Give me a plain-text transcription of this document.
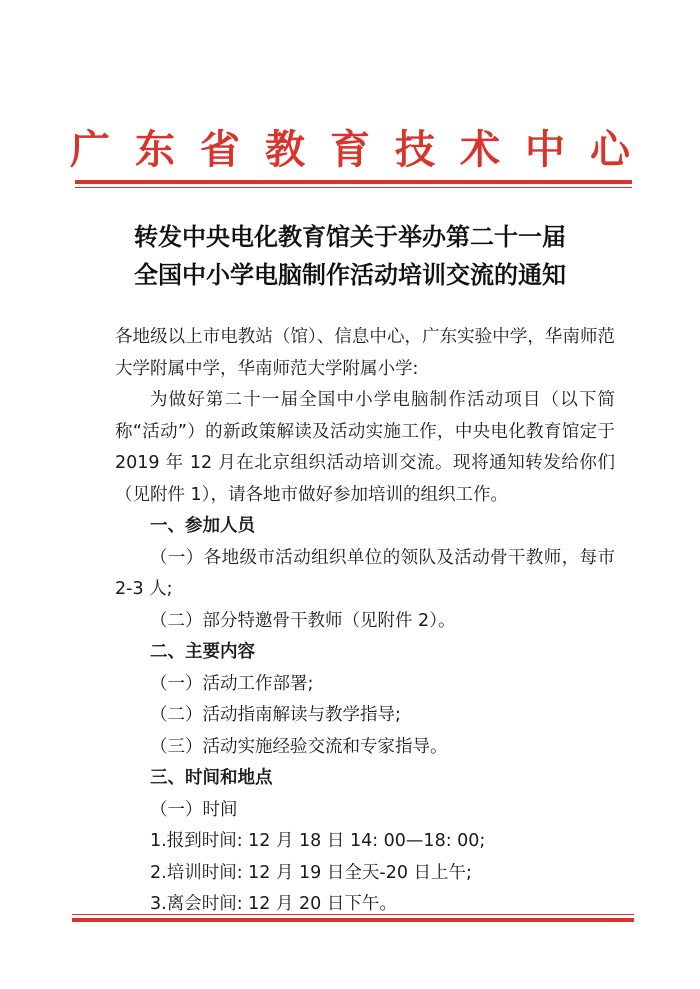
广 东 省 教 育 技 术 中 心
转发中央电化教育馆关于举办第二十一届
全国中小学电脑制作活动培训交流的通知

各地级以上市电教站（馆）、信息中心，广东实验中学，华南师范大学附属中学，华南师范大学附属小学:

为做好第二十一届全国中小学电脑制作活动项目（以下简称“活动”）的新政策解读及活动实施工作，中央电化教育馆定于 2019 年 12 月在北京组织活动培训交流。现将通知转发给你们（见附件 1），请各地市做好参加培训的组织工作。

一、参加人员

（一）各地级市活动组织单位的领队及活动骨干教师，每市 2-3 人;

（二）部分特邀骨干教师（见附件 2）。

二、主要内容

（一）活动工作部署;

（二）活动指南解读与教学指导;

（三）活动实施经验交流和专家指导。

三、时间和地点

（一）时间

1.报到时间: 12 月 18 日 14: 00—18: 00;

2.培训时间: 12 月 19 日全天-20 日上午;

3.离会时间: 12 月 20 日下午。
